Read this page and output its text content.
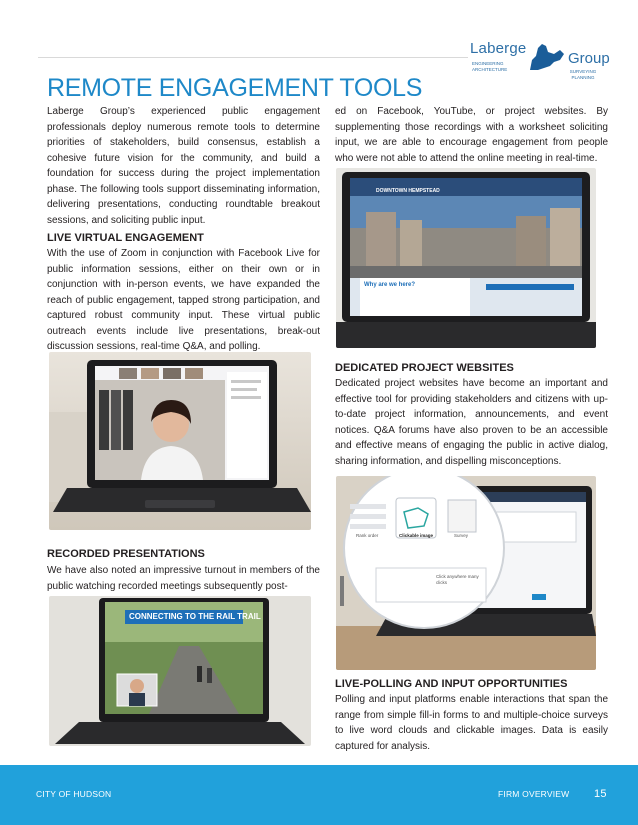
Laberge
Group
ENGINEERING ARCHITECTURE	SURVEYING PLANNING
REMOTE ENGAGEMENT TOOLS

Laberge Group’s experienced public engagement professionals deploy numerous remote tools to determine priorities of stakeholders, build consensus, establish a cohesive future vision for the community, and build a foundation for success during the project implementation phase. The following tools support disseminating information, delivering presentations, conducting roundtable breakout sessions, and soliciting public input.

LIVE VIRTUAL ENGAGEMENT

With the use of Zoom in conjunction with Facebook Live for public information sessions, either on their own or in conjunction with in-person events, we have expanded the reach of public engagement, tapped strong participation, and captured robust community input. These virtual public outreach events include live presentations, break-out discussion sessions, real-time Q&A, and polling.

RECORDED PRESENTATIONS

We have also noted an impressive turnout in members of the public watching recorded meetings subsequently post-

CONNECTING TO THE RAIL TRAIL

ed on Facebook, YouTube, or project websites. By supplementing those recordings with a worksheet soliciting input, we are able to encourage engagement from people who were not able to attend the online meeting in real-time.

DOWNTOWN HEMPSTEAD
Why are we here?
DEDICATED PROJECT WEBSITES

Dedicated project websites have become an important and effective tool for providing stakeholders and citizens with up-to-date project information, announcements, and event notices. Q&A forums have also proven to be an accessible and effective means of engaging the public in active dialog, sharing information, and dispelling misconceptions.

Rank order	Clickable image	Survey
Click anywhere many clicks
LIVE-POLLING AND INPUT OPPORTUNITIES

Polling and input platforms enable interactions that span the range from simple fill-in forms to and multiple-choice surveys to live word clouds and clickable images. Data is easily captured for analysis.

CITY OF HUDSON	FIRM OVERVIEW 15
